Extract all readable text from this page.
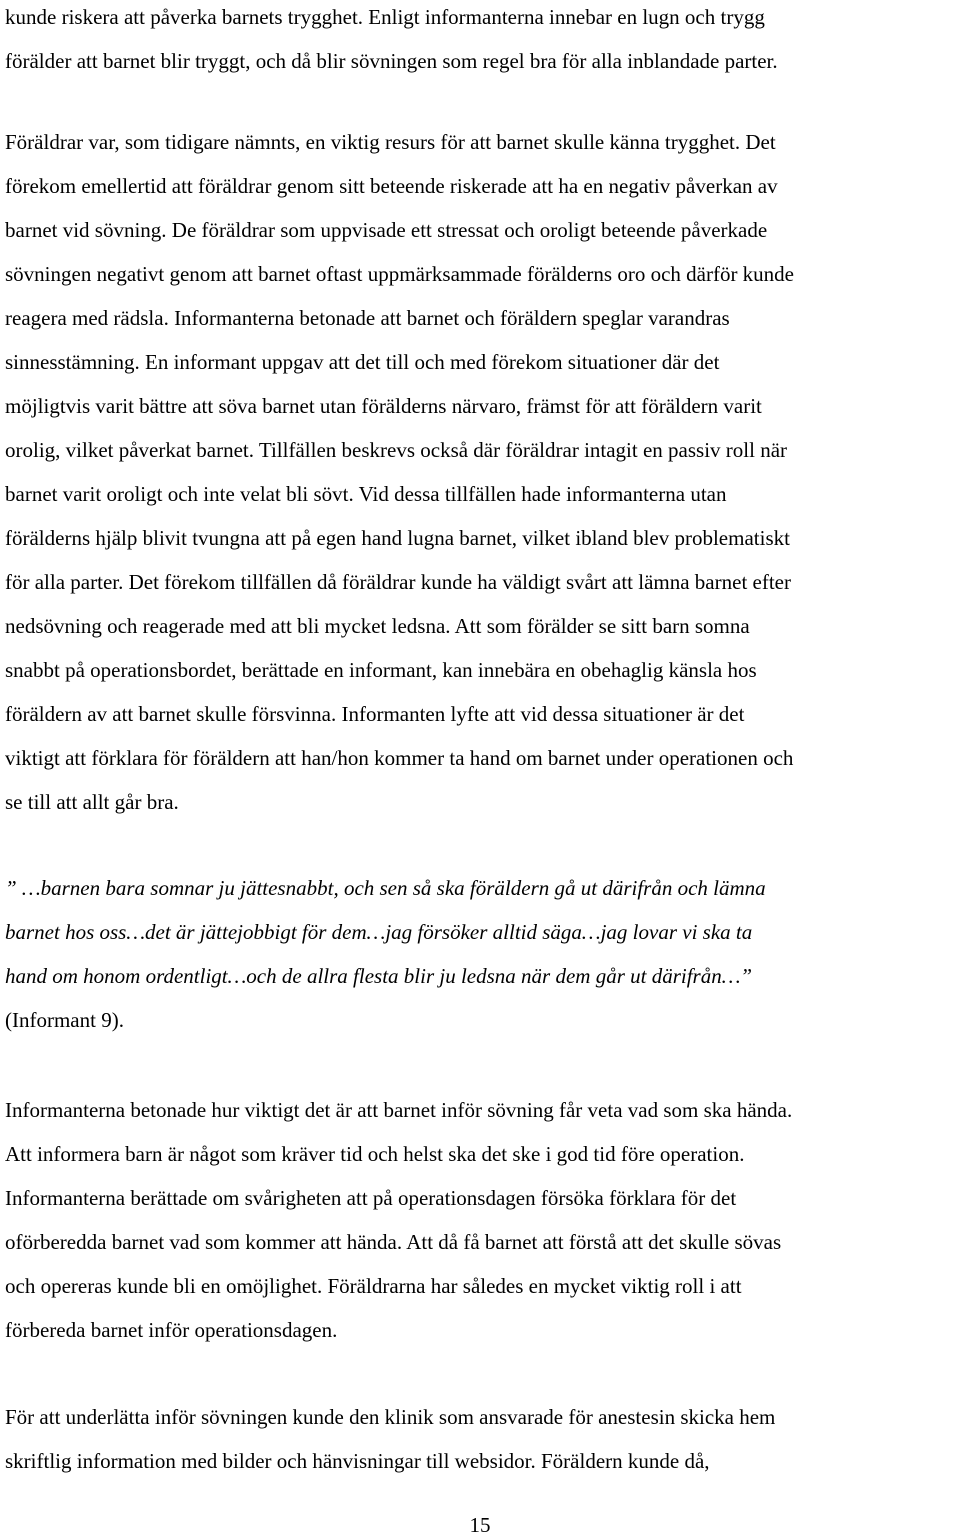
kunde riskera att påverka barnets trygghet. Enligt informanterna innebar en lugn och trygg
förälder att barnet blir tryggt, och då blir sövningen som regel bra för alla inblandade parter.

Föräldrar var, som tidigare nämnts, en viktig resurs för att barnet skulle känna trygghet. Det
förekom emellertid att föräldrar genom sitt beteende riskerade att ha en negativ påverkan av
barnet vid sövning. De föräldrar som uppvisade ett stressat och oroligt beteende påverkade
sövningen negativt genom att barnet oftast uppmärksammade förälderns oro och därför kunde
reagera med rädsla. Informanterna betonade att barnet och föräldern speglar varandras
sinnesstämning. En informant uppgav att det till och med förekom situationer där det
möjligtvis varit bättre att söva barnet utan förälderns närvaro, främst för att föräldern varit
orolig, vilket påverkat barnet. Tillfällen beskrevs också där föräldrar intagit en passiv roll när
barnet varit oroligt och inte velat bli sövt. Vid dessa tillfällen hade informanterna utan
förälderns hjälp blivit tvungna att på egen hand lugna barnet, vilket ibland blev problematiskt
för alla parter. Det förekom tillfällen då föräldrar kunde ha väldigt svårt att lämna barnet efter
nedsövning och reagerade med att bli mycket ledsna. Att som förälder se sitt barn somna
snabbt på operationsbordet, berättade en informant, kan innebära en obehaglig känsla hos
föräldern av att barnet skulle försvinna. Informanten lyfte att vid dessa situationer är det
viktigt att förklara för föräldern att han/hon kommer ta hand om barnet under operationen och
se till att allt går bra.

” …barnen bara somnar ju jättesnabbt, och sen så ska föräldern gå ut därifrån och lämna
barnet hos oss…det är jättejobbigt för dem…jag försöker alltid säga…jag lovar vi ska ta
hand om honom ordentligt…och de allra flesta blir ju ledsna när dem går ut därifrån…”
(Informant 9).

Informanterna betonade hur viktigt det är att barnet inför sövning får veta vad som ska hända.
Att informera barn är något som kräver tid och helst ska det ske i god tid före operation.
Informanterna berättade om svårigheten att på operationsdagen försöka förklara för det
oförberedda barnet vad som kommer att hända. Att då få barnet att förstå att det skulle sövas
och opereras kunde bli en omöjlighet. Föräldrarna har således en mycket viktig roll i att
förbereda barnet inför operationsdagen.

För att underlätta inför sövningen kunde den klinik som ansvarade för anestesin skicka hem
skriftlig information med bilder och hänvisningar till websidor. Föräldern kunde då,

15
